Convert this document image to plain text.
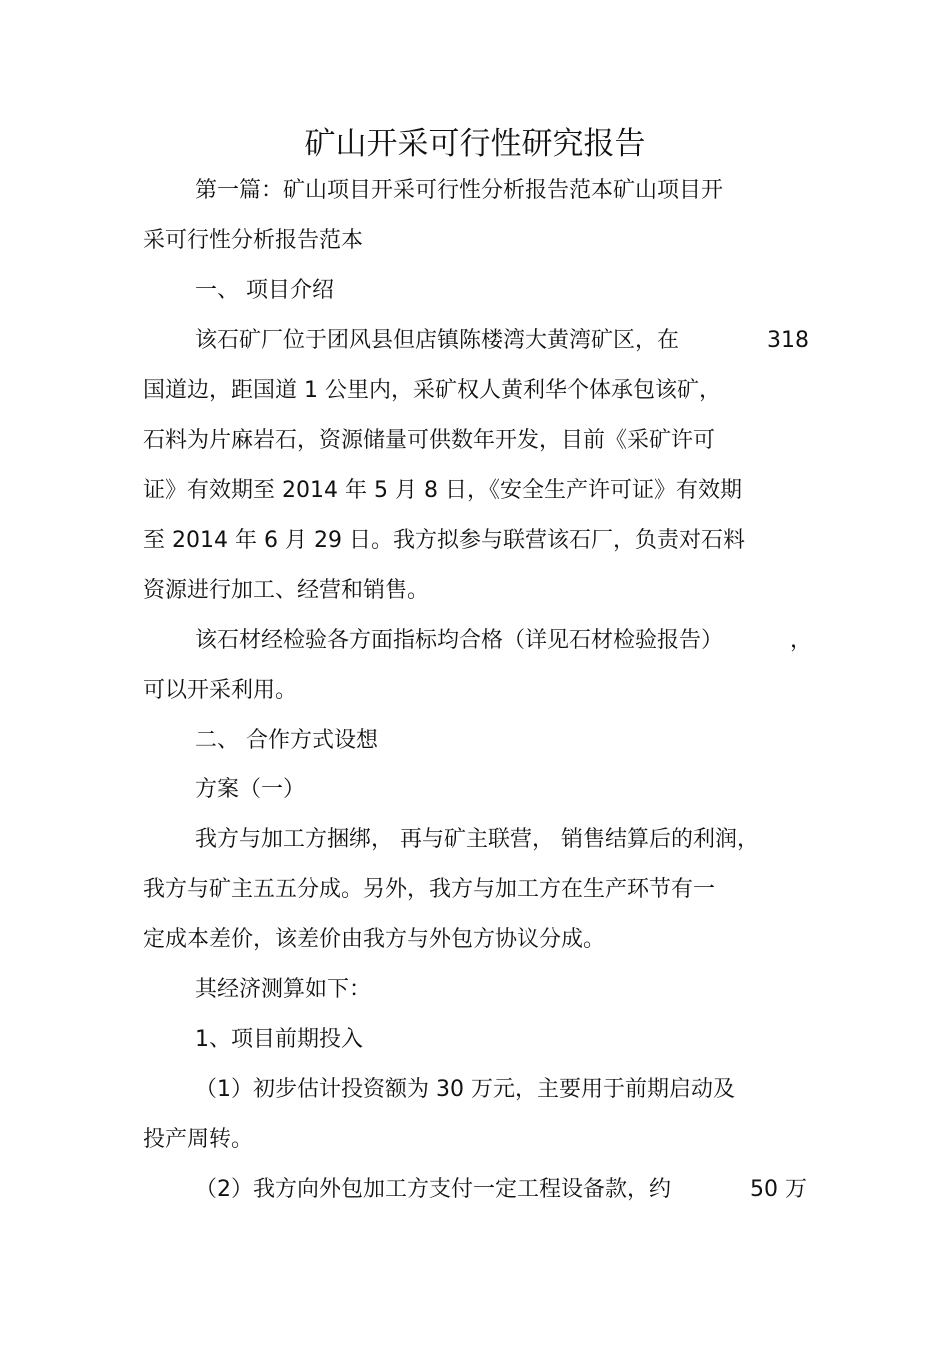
矿山开采可行性研究报告
第一篇：矿山项目开采可行性分析报告范本矿山项目开
采可行性分析报告范本
一、 项目介绍
该石矿厂位于团风县但店镇陈楼湾大黄湾矿区，在	318
国道边，距国道 1 公里内，采矿权人黄利华个体承包该矿，
石料为片麻岩石，资源储量可供数年开发，目前《采矿许可
证》有效期至 2014 年 5 月 8 日，《安全生产许可证》有效期
至 2014 年 6 月 29 日。我方拟参与联营该石厂，负责对石料
资源进行加工、经营和销售。
该石材经检验各方面指标均合格（详见石材检验报告）	，
可以开采利用。
二、 合作方式设想
方案（一）
我方与加工方捆绑， 再与矿主联营， 销售结算后的利润，
我方与矿主五五分成。另外，我方与加工方在生产环节有一
定成本差价，该差价由我方与外包方协议分成。
其经济测算如下：
1、项目前期投入
（1）初步估计投资额为 30 万元，主要用于前期启动及
投产周转。
（2）我方向外包加工方支付一定工程设备款，约	50 万
